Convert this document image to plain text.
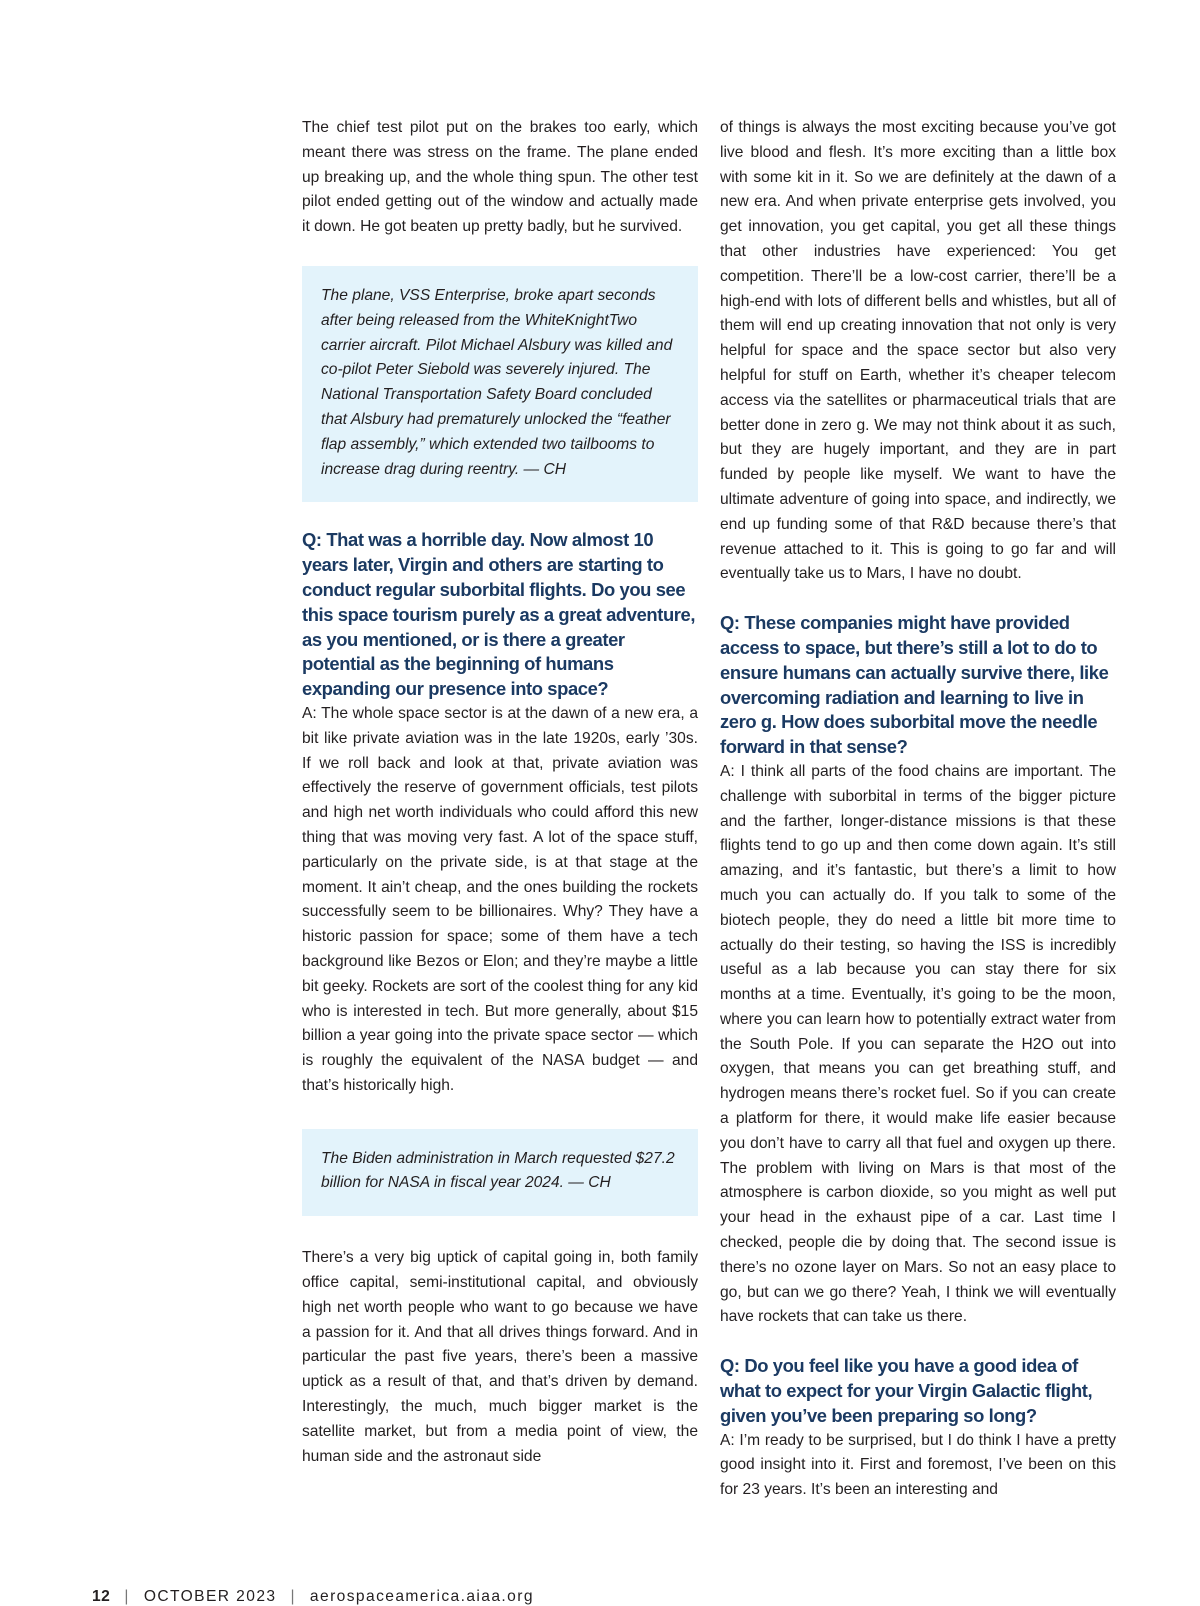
The chief test pilot put on the brakes too early, which meant there was stress on the frame. The plane ended up breaking up, and the whole thing spun. The other test pilot ended getting out of the window and actually made it down. He got beaten up pretty badly, but he survived.

The plane, VSS Enterprise, broke apart seconds after being released from the WhiteKnightTwo carrier aircraft. Pilot Michael Alsbury was killed and co-pilot Peter Siebold was severely injured. The National Transportation Safety Board concluded that Alsbury had prematurely unlocked the “feather flap assembly,” which extended two tailbooms to increase drag during reentry. — CH

Q: That was a horrible day. Now almost 10 years later, Virgin and others are starting to conduct regular suborbital flights. Do you see this space tourism purely as a great adventure, as you mentioned, or is there a greater potential as the beginning of humans expanding our presence into space?

A: The whole space sector is at the dawn of a new era, a bit like private aviation was in the late 1920s, early ’30s. If we roll back and look at that, private aviation was effectively the reserve of government officials, test pilots and high net worth individuals who could afford this new thing that was moving very fast. A lot of the space stuff, particularly on the private side, is at that stage at the moment. It ain’t cheap, and the ones building the rockets successfully seem to be billionaires. Why? They have a historic passion for space; some of them have a tech background like Bezos or Elon; and they’re maybe a little bit geeky. Rockets are sort of the coolest thing for any kid who is interested in tech. But more generally, about $15 billion a year going into the private space sector — which is roughly the equivalent of the NASA budget — and that’s historically high.

The Biden administration in March requested $27.2 billion for NASA in fiscal year 2024. — CH

There’s a very big uptick of capital going in, both family office capital, semi-institutional capital, and obviously high net worth people who want to go because we have a passion for it. And that all drives things forward. And in particular the past five years, there’s been a massive uptick as a result of that, and that’s driven by demand. Interestingly, the much, much bigger market is the satellite market, but from a media point of view, the human side and the astronaut side

of things is always the most exciting because you’ve got live blood and flesh. It’s more exciting than a little box with some kit in it. So we are definitely at the dawn of a new era. And when private enterprise gets involved, you get innovation, you get capital, you get all these things that other industries have experienced: You get competition. There’ll be a low-cost carrier, there’ll be a high-end with lots of different bells and whistles, but all of them will end up creating innovation that not only is very helpful for space and the space sector but also very helpful for stuff on Earth, whether it’s cheaper telecom access via the satellites or pharmaceutical trials that are better done in zero g. We may not think about it as such, but they are hugely important, and they are in part funded by people like myself. We want to have the ultimate adventure of going into space, and indirectly, we end up funding some of that R&D because there’s that revenue attached to it. This is going to go far and will eventually take us to Mars, I have no doubt.

Q: These companies might have provided access to space, but there’s still a lot to do to ensure humans can actually survive there, like overcoming radiation and learning to live in zero g. How does suborbital move the needle forward in that sense?

A: I think all parts of the food chains are important. The challenge with suborbital in terms of the bigger picture and the farther, longer-distance missions is that these flights tend to go up and then come down again. It’s still amazing, and it’s fantastic, but there’s a limit to how much you can actually do. If you talk to some of the biotech people, they do need a little bit more time to actually do their testing, so having the ISS is incredibly useful as a lab because you can stay there for six months at a time. Eventually, it’s going to be the moon, where you can learn how to potentially extract water from the South Pole. If you can separate the H2O out into oxygen, that means you can get breathing stuff, and hydrogen means there’s rocket fuel. So if you can create a platform for there, it would make life easier because you don’t have to carry all that fuel and oxygen up there. The problem with living on Mars is that most of the atmosphere is carbon dioxide, so you might as well put your head in the exhaust pipe of a car. Last time I checked, people die by doing that. The second issue is there’s no ozone layer on Mars. So not an easy place to go, but can we go there? Yeah, I think we will eventually have rockets that can take us there.

Q: Do you feel like you have a good idea of what to expect for your Virgin Galactic flight, given you’ve been preparing so long?

A: I’m ready to be surprised, but I do think I have a pretty good insight into it. First and foremost, I’ve been on this for 23 years. It’s been an interesting and

12 | OCTOBER 2023 | aerospaceamerica.aiaa.org
